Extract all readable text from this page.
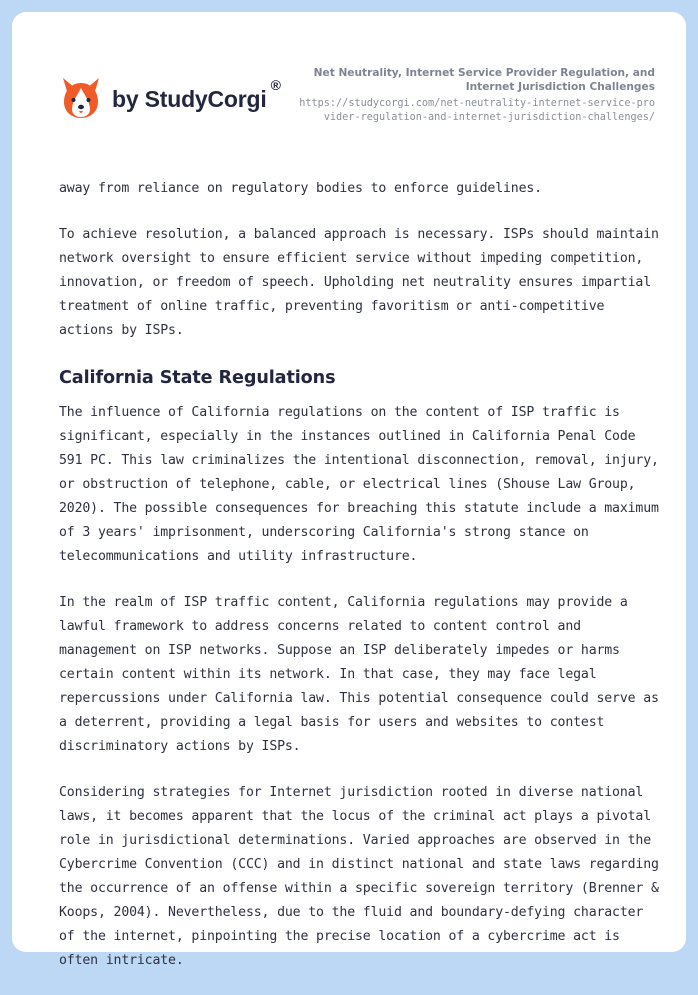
by StudyCorgi
®
Net Neutrality, Internet Service Provider Regulation, and Internet Jurisdiction Challenges
https://studycorgi.com/net-neutrality-internet-service-provider-regulation-and-internet-jurisdiction-challenges/

away from reliance on regulatory bodies to enforce guidelines.

To achieve resolution, a balanced approach is necessary. ISPs should maintain network oversight to ensure efficient service without impeding competition, innovation, or freedom of speech. Upholding net neutrality ensures impartial treatment of online traffic, preventing favoritism or anti-competitive actions by ISPs.

California State Regulations

The influence of California regulations on the content of ISP traffic is significant, especially in the instances outlined in California Penal Code 591 PC. This law criminalizes the intentional disconnection, removal, injury, or obstruction of telephone, cable, or electrical lines (Shouse Law Group, 2020). The possible consequences for breaching this statute include a maximum of 3 years' imprisonment, underscoring California's strong stance on telecommunications and utility infrastructure.

In the realm of ISP traffic content, California regulations may provide a lawful framework to address concerns related to content control and management on ISP networks. Suppose an ISP deliberately impedes or harms certain content within its network. In that case, they may face legal repercussions under California law. This potential consequence could serve as a deterrent, providing a legal basis for users and websites to contest discriminatory actions by ISPs.

Considering strategies for Internet jurisdiction rooted in diverse national laws, it becomes apparent that the locus of the criminal act plays a pivotal role in jurisdictional determinations. Varied approaches are observed in the Cybercrime Convention (CCC) and in distinct national and state laws regarding the occurrence of an offense within a specific sovereign territory (Brenner & Koops, 2004). Nevertheless, due to the fluid and boundary-defying character of the internet, pinpointing the precise location of a cybercrime act is often intricate.
